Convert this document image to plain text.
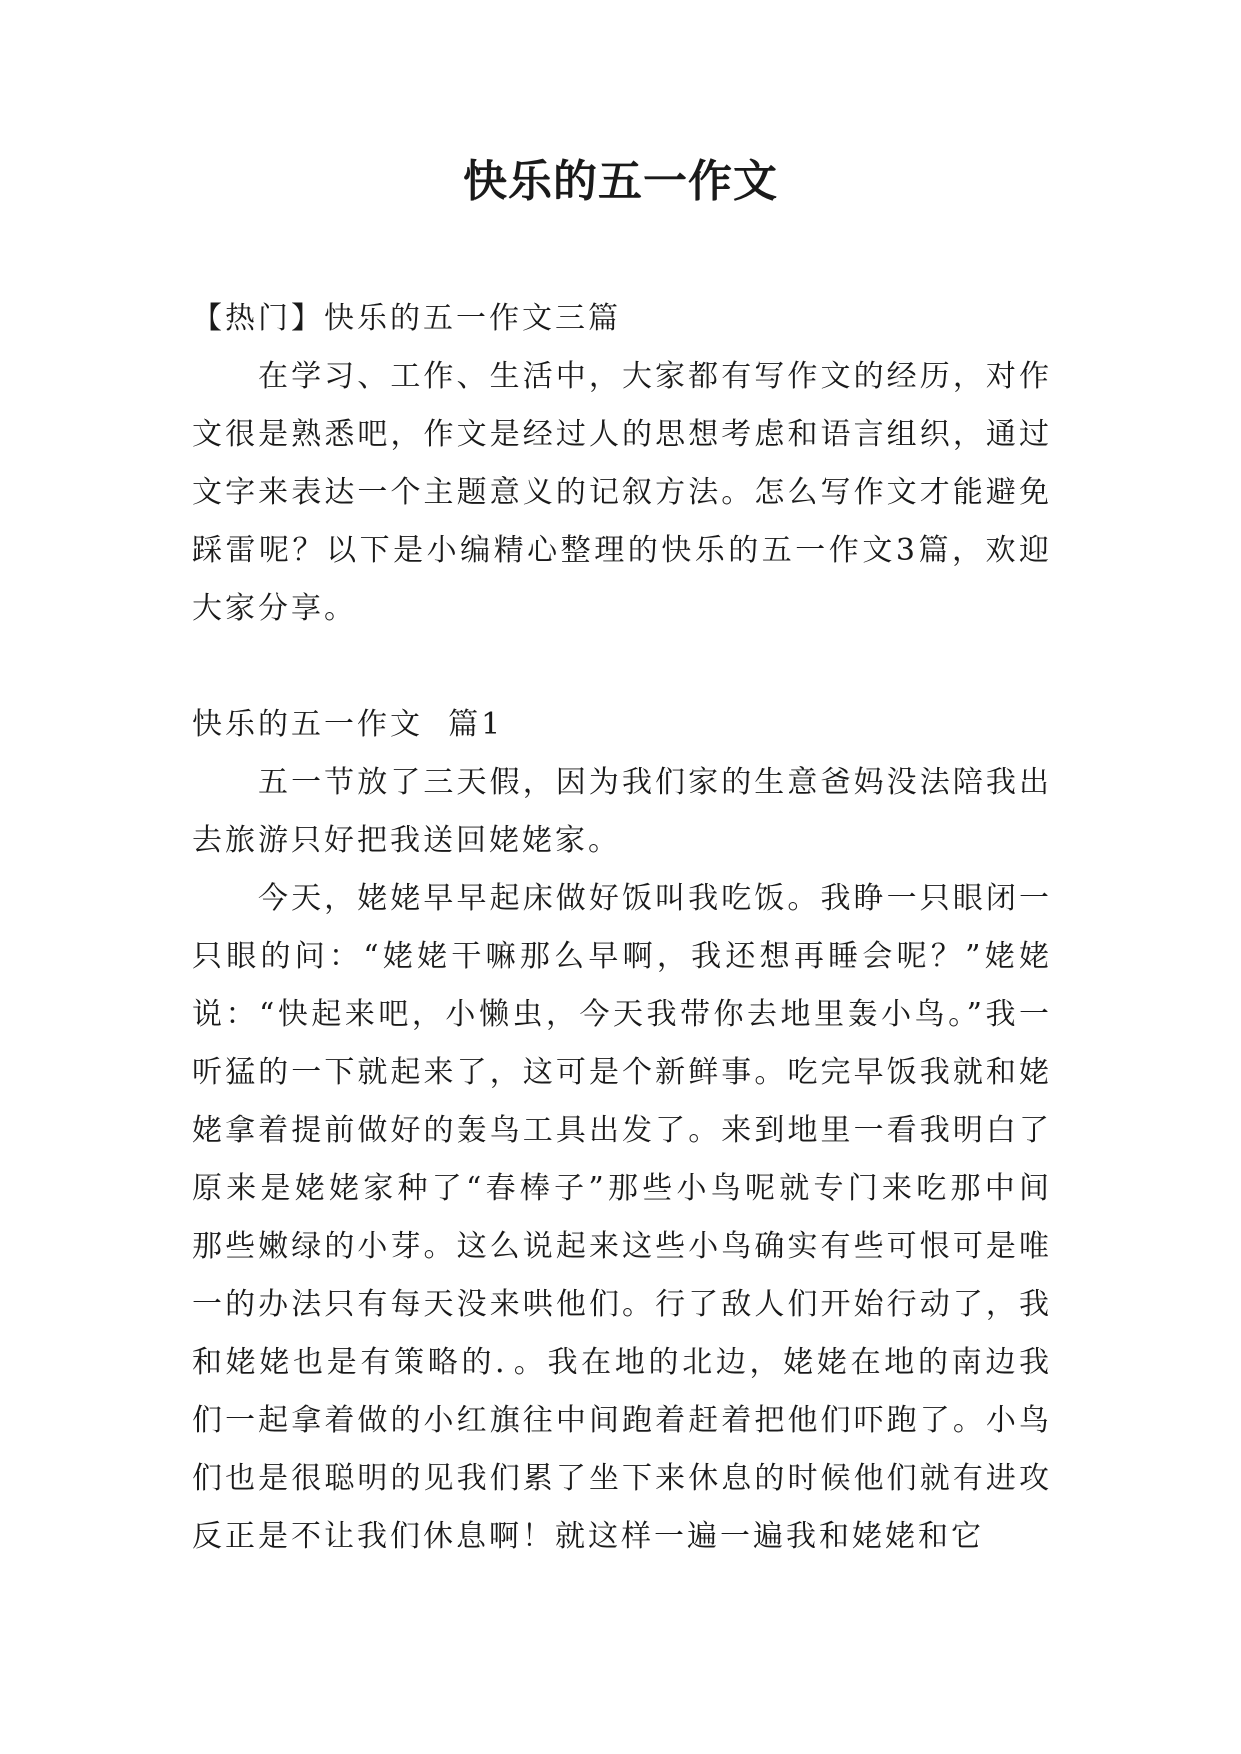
快乐的五一作文

【热门】快乐的五一作文三篇

在学习、工作、生活中，大家都有写作文的经历，对作文很是熟悉吧，作文是经过人的思想考虑和语言组织，通过文字来表达一个主题意义的记叙方法。怎么写作文才能避免踩雷呢？以下是小编精心整理的快乐的五一作文3篇，欢迎大家分享。

快乐的五一作文  篇1

五一节放了三天假，因为我们家的生意爸妈没法陪我出去旅游只好把我送回姥姥家。

今天，姥姥早早起床做好饭叫我吃饭。我睁一只眼闭一只眼的问：“姥姥干嘛那么早啊，我还想再睡会呢？”姥姥说：“快起来吧，小懒虫，今天我带你去地里轰小鸟。”我一听猛的一下就起来了，这可是个新鲜事。吃完早饭我就和姥姥拿着提前做好的轰鸟工具出发了。来到地里一看我明白了原来是姥姥家种了“春棒子”那些小鸟呢就专门来吃那中间那些嫩绿的小芽。这么说起来这些小鸟确实有些可恨可是唯一的办法只有每天没来哄他们。行了敌人们开始行动了，我和姥姥也是有策略的．。我在地的北边，姥姥在地的南边我们一起拿着做的小红旗往中间跑着赶着把他们吓跑了。小鸟们也是很聪明的见我们累了坐下来休息的时候他们就有进攻反正是不让我们休息啊！就这样一遍一遍我和姥姥和它
